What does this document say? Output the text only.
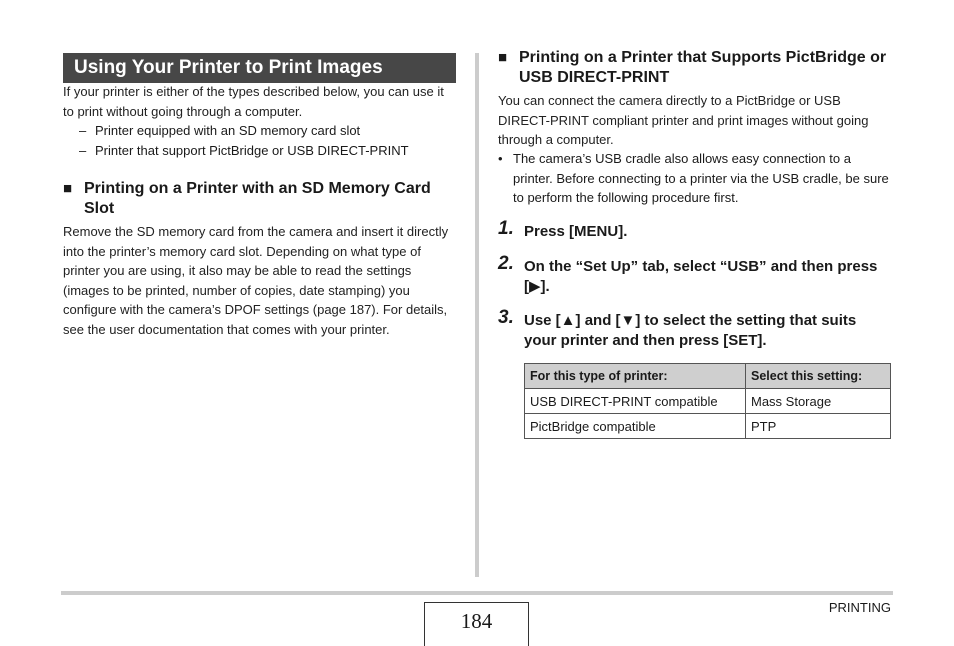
Using Your Printer to Print Images
If your printer is either of the types described below, you can use it to print without going through a computer.
– Printer equipped with an SD memory card slot
– Printer that support PictBridge or USB DIRECT-PRINT
■ Printing on a Printer with an SD Memory Card Slot
Remove the SD memory card from the camera and insert it directly into the printer’s memory card slot. Depending on what type of printer you are using, it also may be able to read the settings (images to be printed, number of copies, date stamping) you configure with the camera’s DPOF settings (page 187). For details, see the user documentation that comes with your printer.
■ Printing on a Printer that Supports PictBridge or USB DIRECT-PRINT
You can connect the camera directly to a PictBridge or USB DIRECT-PRINT compliant printer and print images without going through a computer.
• The camera’s USB cradle also allows easy connection to a printer. Before connecting to a printer via the USB cradle, be sure to perform the following procedure first.
1. Press [MENU].
2. On the “Set Up” tab, select “USB” and then press [▶].
3. Use [▲] and [▼] to select the setting that suits your printer and then press [SET].
For this type of printer:	Select this setting:
USB DIRECT-PRINT compatible	Mass Storage
PictBridge compatible	PTP
184
PRINTING
